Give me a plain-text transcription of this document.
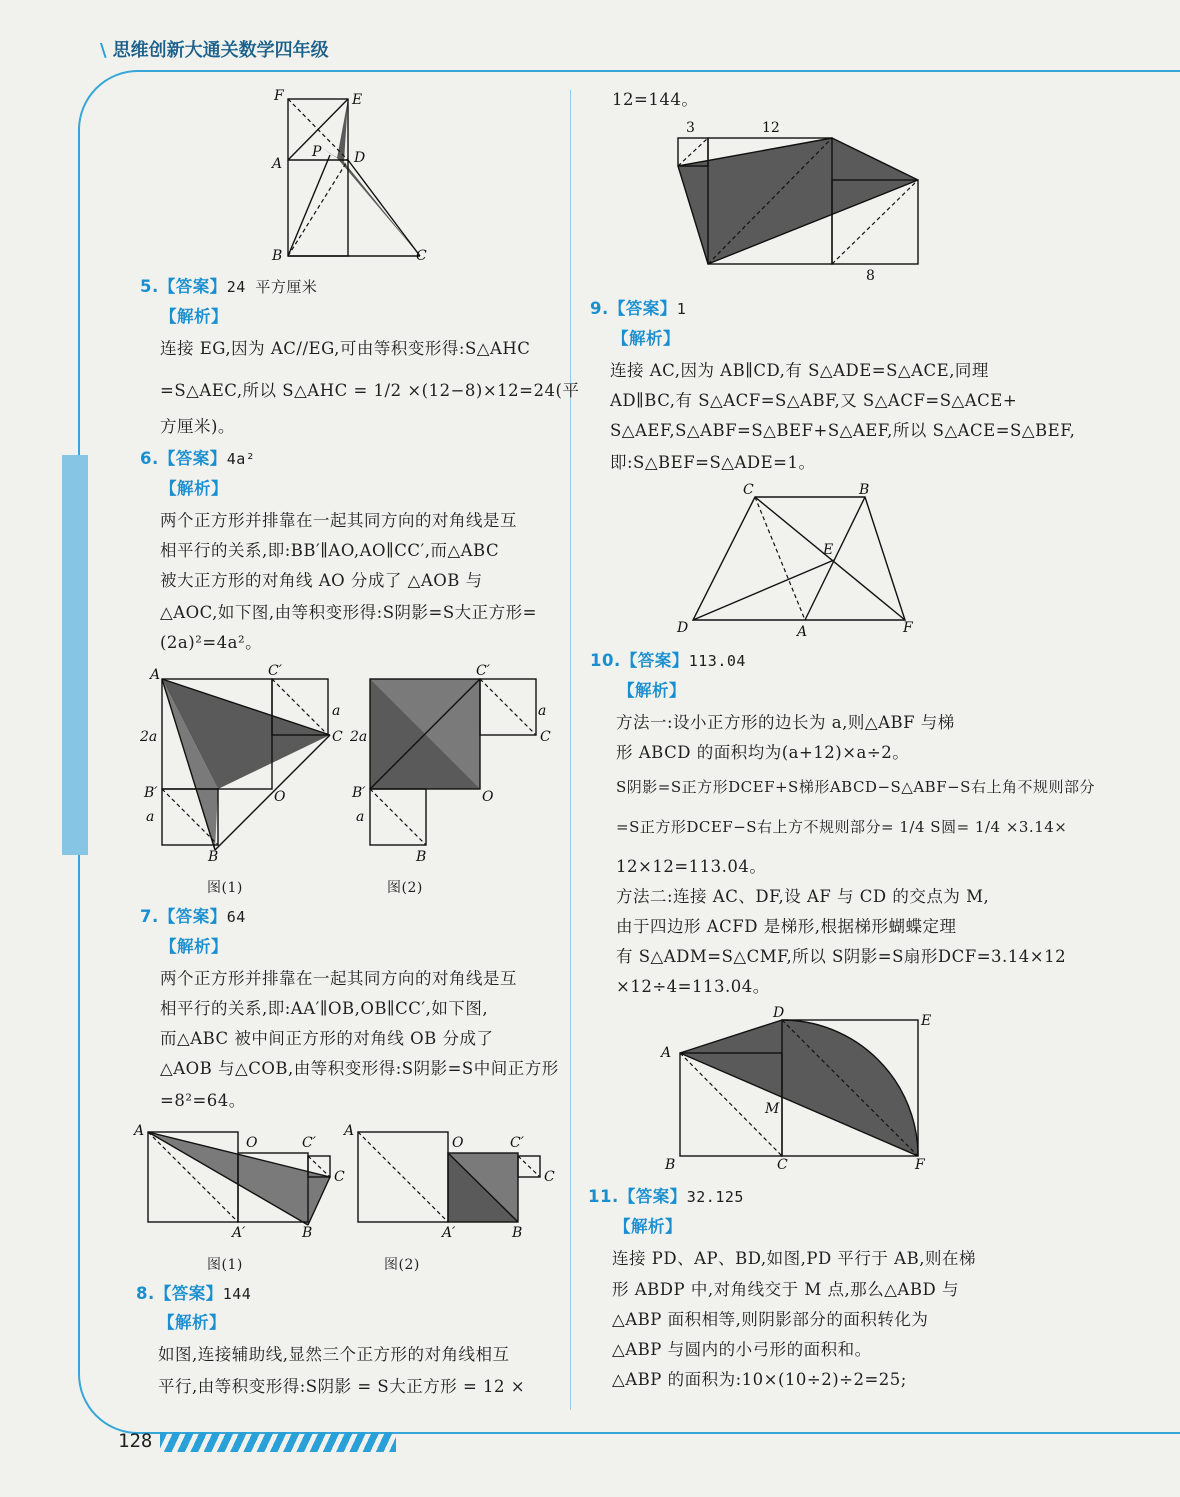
\ 思维创新大通关数学四年级
F	E
A
P D
B	C
5.【答案】24 平方厘米
【解析】
连接 EG,因为 AC//EG,可由等积变形得:S△AHC
=S△AEC,所以 S△AHC = 1/2 ×(12−8)×12=24(平
方厘米)。
6.【答案】4a²
【解析】
两个正方形并排靠在一起其同方向的对角线是互
相平行的关系,即:BB′∥AO,AO∥CC′,而△ABC
被大正方形的对角线 AO 分成了 △AOB 与
△AOC,如下图,由等积变形得:S阴影=S大正方形=
(2a)²=4a²。
A	C′
a
2a	C
B′	O
a
B
C′
2a
a
C
B′	O
a
B
图(1)	图(2)
7.【答案】64
【解析】
两个正方形并排靠在一起其同方向的对角线是互
相平行的关系,即:AA′∥OB,OB∥CC′,如下图,
而△ABC 被中间正方形的对角线 OB 分成了
△AOB 与△COB,由等积变形得:S阴影=S中间正方形
=8²=64。
A
O	C′
C
A′	B
A
O	C′
C
A′	B
图(1)	图(2)
8.【答案】144
【解析】
如图,连接辅助线,显然三个正方形的对角线相互
平行,由等积变形得:S阴影 = S大正方形 = 12 ×
128
12=144。
3	12
8
9.【答案】1
【解析】
连接 AC,因为 AB∥CD,有 S△ADE=S△ACE,同理
AD∥BC,有 S△ACF=S△ABF,又 S△ACF=S△ACE+
S△AEF,S△ABF=S△BEF+S△AEF,所以 S△ACE=S△BEF,
即:S△BEF=S△ADE=1。
C	B
E
D	A	F
10.【答案】113.04
【解析】
方法一:设小正方形的边长为 a,则△ABF 与梯
形 ABCD 的面积均为(a+12)×a÷2。
S阴影=S正方形DCEF+S梯形ABCD−S△ABF−S右上角不规则部分
=S正方形DCEF−S右上方不规则部分= 1/4 S圆= 1/4 ×3.14×
12×12=113.04。
方法二:连接 AC、DF,设 AF 与 CD 的交点为 M,
由于四边形 ACFD 是梯形,根据梯形蝴蝶定理
有 S△ADM=S△CMF,所以 S阴影=S扇形DCF=3.14×12
×12÷4=113.04。
A
D	E
M
B	C	F
11.【答案】32.125
【解析】
连接 PD、AP、BD,如图,PD 平行于 AB,则在梯
形 ABDP 中,对角线交于 M 点,那么△ABD 与
△ABP 面积相等,则阴影部分的面积转化为
△ABP 与圆内的小弓形的面积和。
△ABP 的面积为:10×(10÷2)÷2=25;
